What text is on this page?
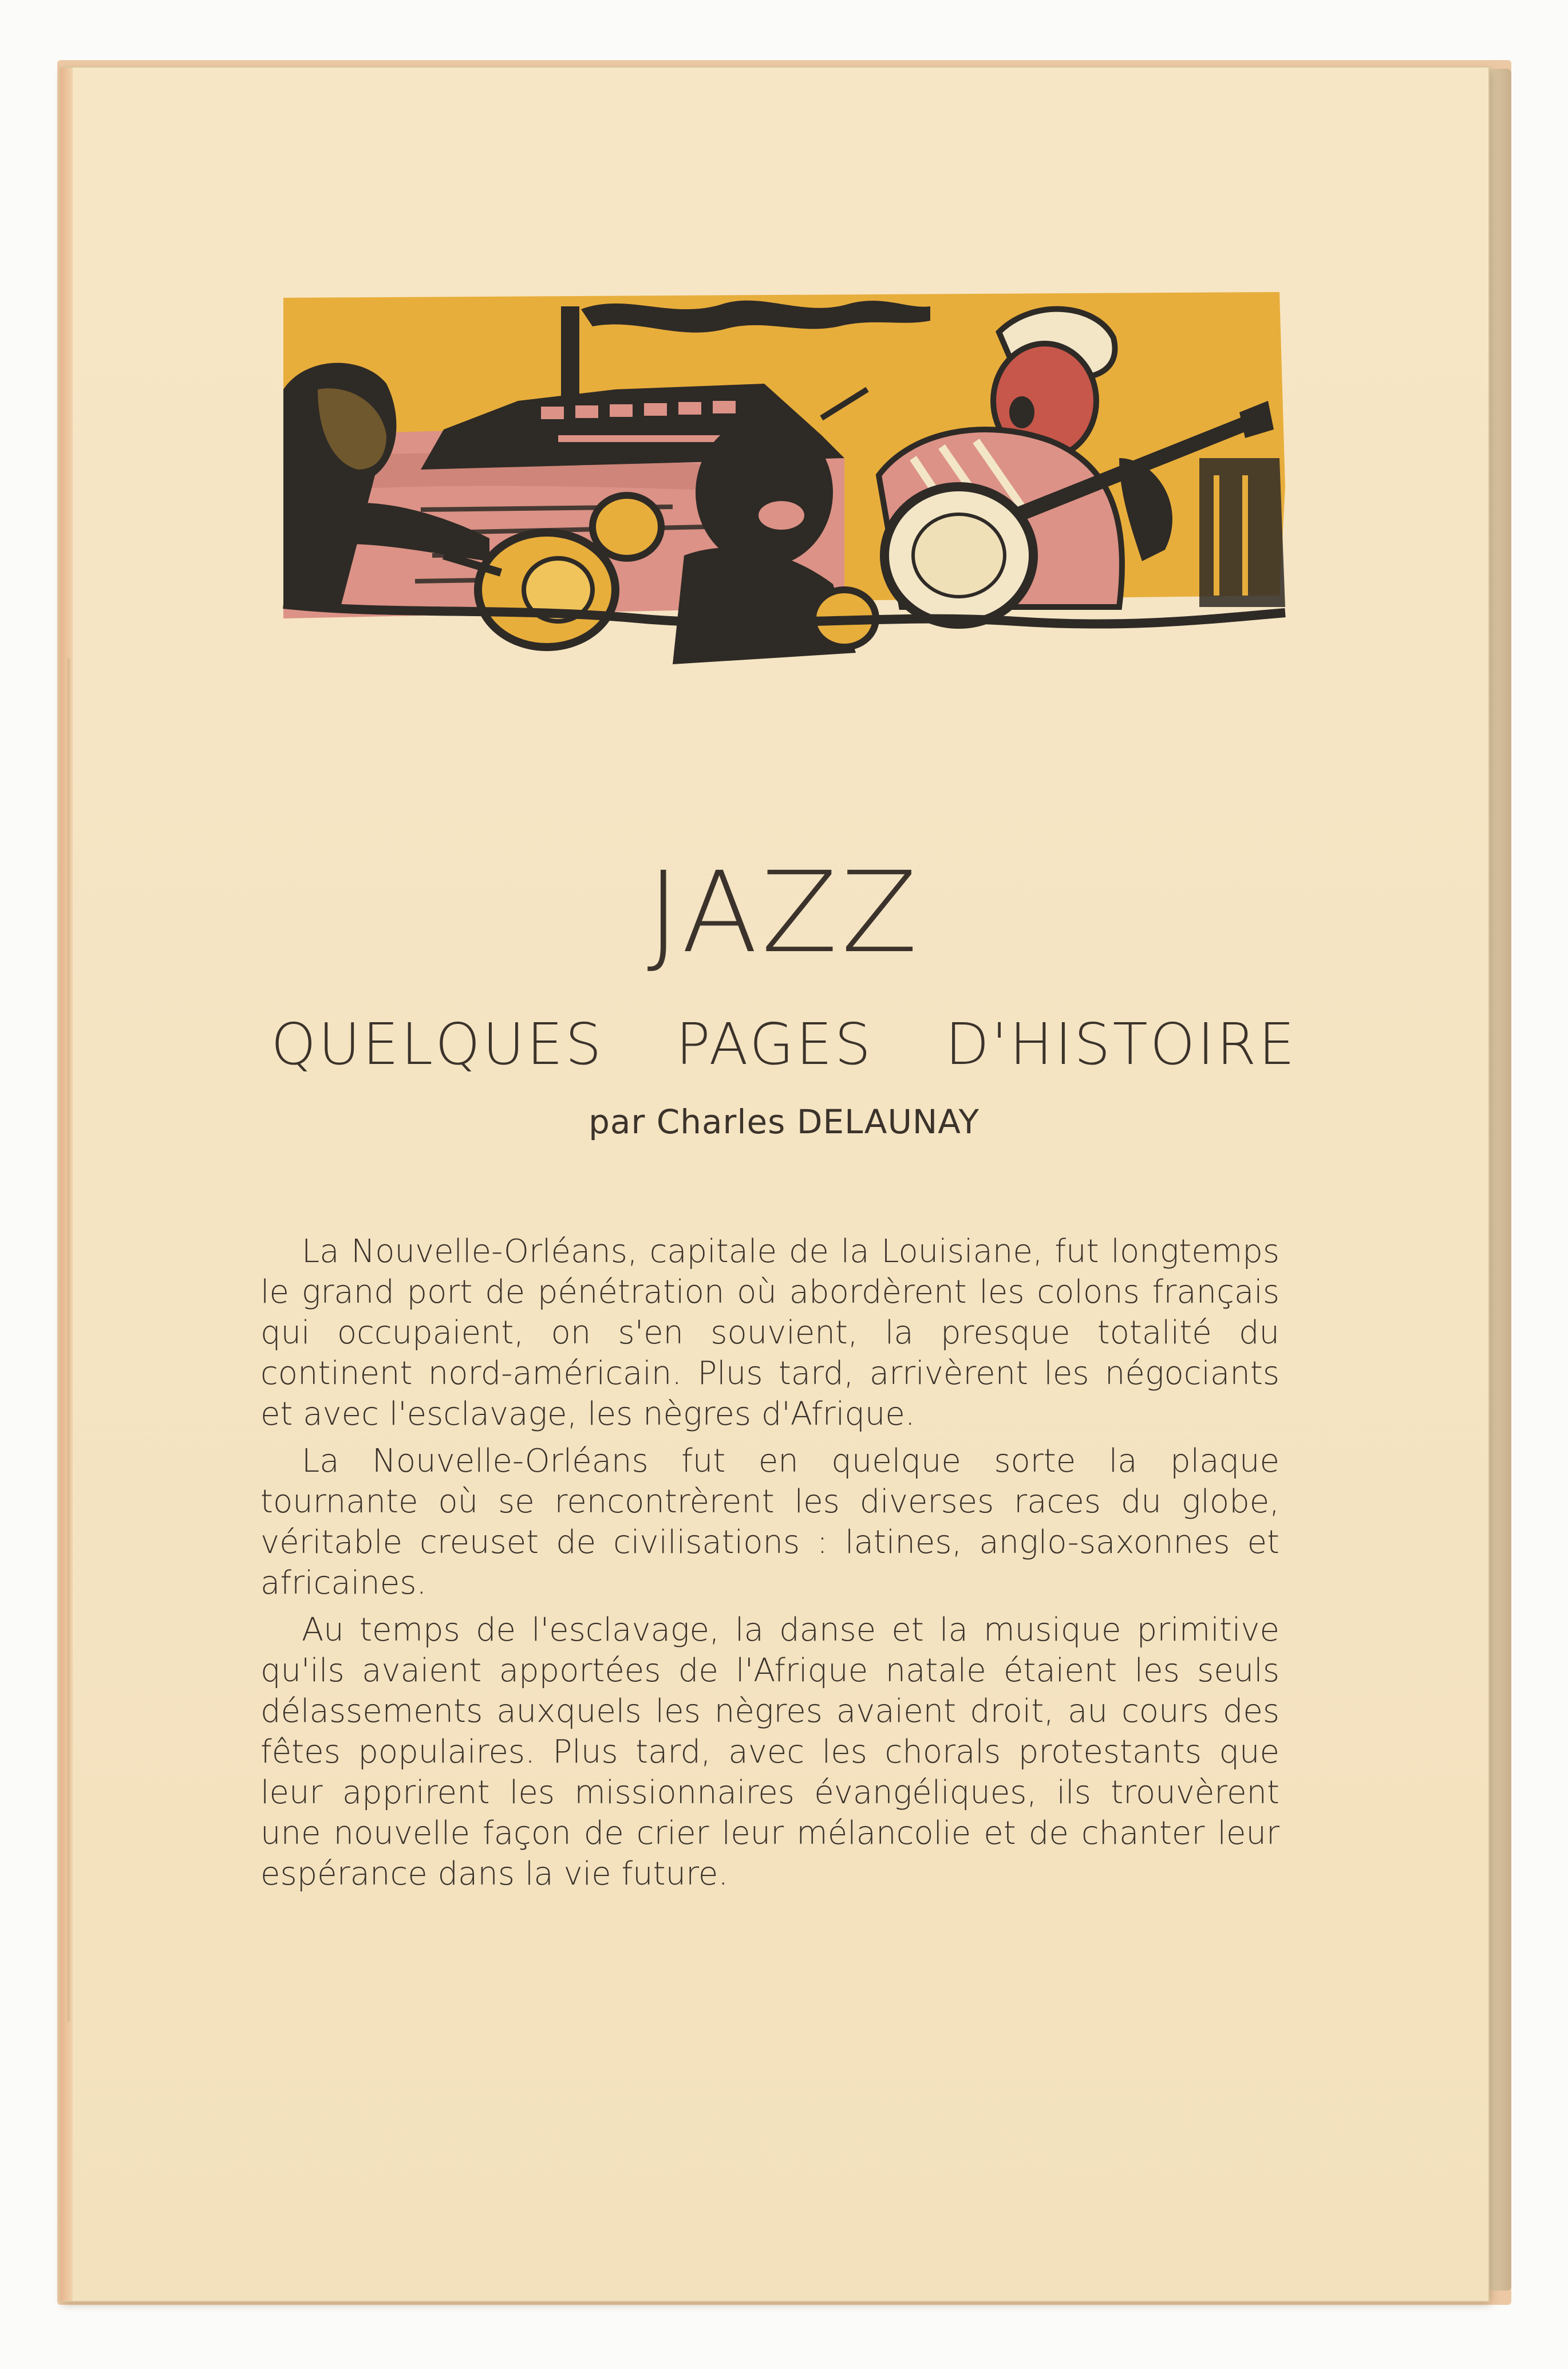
JAZZ
QUELQUES PAGES D'HISTOIRE
par Charles DELAUNAY

La Nouvelle-Orléans, capitale de la Louisiane, fut longtemps le grand port de pénétration où abordèrent les colons français qui occupaient, on s'en souvient, la presque totalité du continent nord-américain. Plus tard, arrivèrent les négociants et avec l'esclavage, les nègres d'Afrique.

La Nouvelle-Orléans fut en quelque sorte la plaque tournante où se rencontrèrent les diverses races du globe, véritable creuset de civilisations : latines, anglo-saxonnes et africaines.

Au temps de l'esclavage, la danse et la musique primitive qu'ils avaient apportées de l'Afrique natale étaient les seuls délassements auxquels les nègres avaient droit, au cours des fêtes populaires. Plus tard, avec les chorals protestants que leur apprirent les missionnaires évangéliques, ils trouvèrent une nouvelle façon de crier leur mélancolie et de chanter leur espérance dans la vie future.
